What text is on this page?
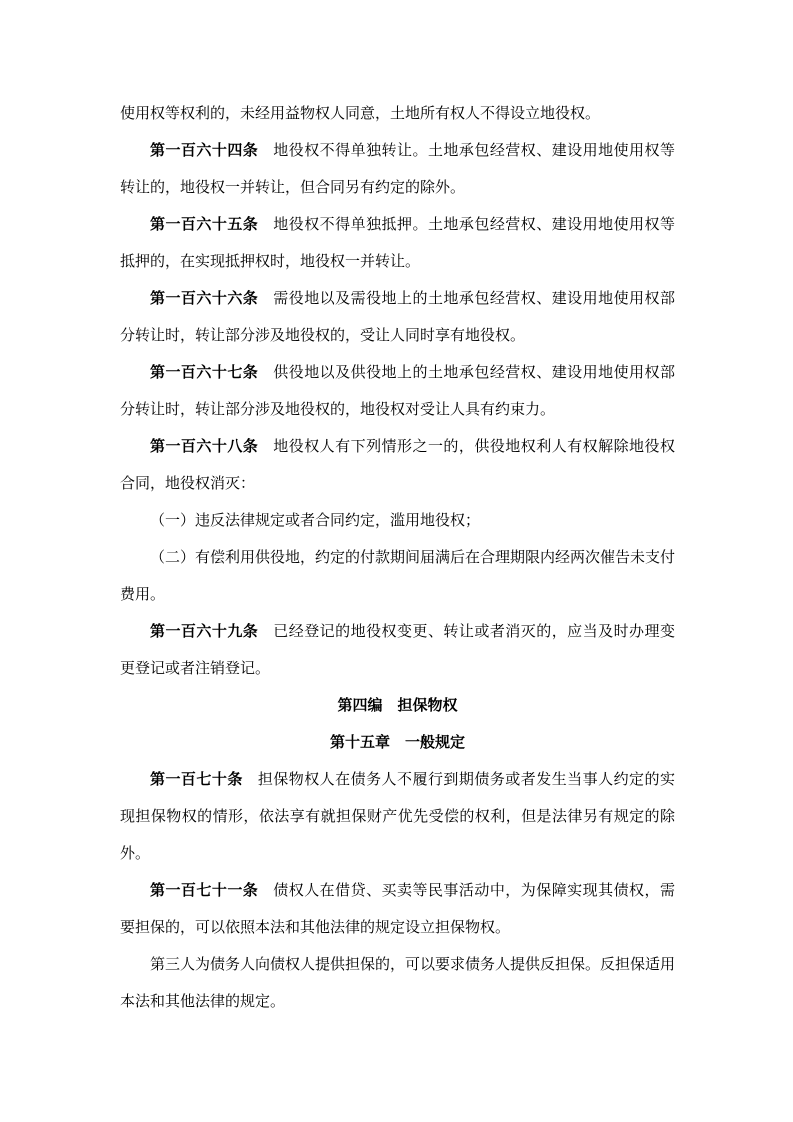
使用权等权利的，未经用益物权人同意，土地所有权人不得设立地役权。

第一百六十四条 地役权不得单独转让。土地承包经营权、建设用地使用权等转让的，地役权一并转让，但合同另有约定的除外。

第一百六十五条 地役权不得单独抵押。土地承包经营权、建设用地使用权等抵押的，在实现抵押权时，地役权一并转让。

第一百六十六条 需役地以及需役地上的土地承包经营权、建设用地使用权部分转让时，转让部分涉及地役权的，受让人同时享有地役权。

第一百六十七条 供役地以及供役地上的土地承包经营权、建设用地使用权部分转让时，转让部分涉及地役权的，地役权对受让人具有约束力。

第一百六十八条 地役权人有下列情形之一的，供役地权利人有权解除地役权合同，地役权消灭：

（一）违反法律规定或者合同约定，滥用地役权；

（二）有偿利用供役地，约定的付款期间届满后在合理期限内经两次催告未支付费用。

第一百六十九条 已经登记的地役权变更、转让或者消灭的，应当及时办理变更登记或者注销登记。

第四编 担保物权

第十五章 一般规定

第一百七十条 担保物权人在债务人不履行到期债务或者发生当事人约定的实现担保物权的情形，依法享有就担保财产优先受偿的权利，但是法律另有规定的除外。

第一百七十一条 债权人在借贷、买卖等民事活动中，为保障实现其债权，需要担保的，可以依照本法和其他法律的规定设立担保物权。

第三人为债务人向债权人提供担保的，可以要求债务人提供反担保。反担保适用本法和其他法律的规定。
